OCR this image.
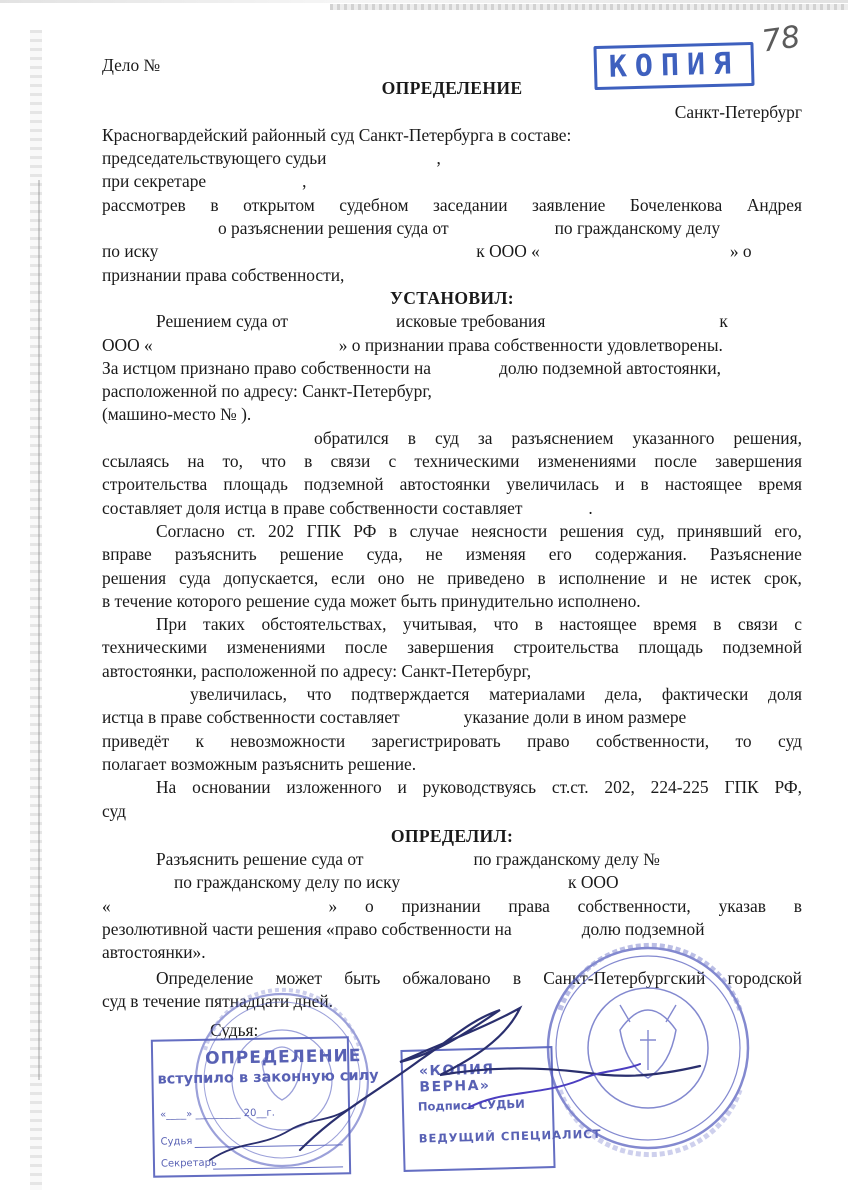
78
КОПИЯ
Дело №
ОПРЕДЕЛЕНИЕ
Санкт-Петербург
Красногвардейский районный суд Санкт-Петербурга в составе:
председательствующего судьи	,
при секретаре	,
рассмотрев в открытом судебном заседании заявление Бочеленкова Андрея
о разъяснении решения суда от	по гражданскому делу
по иску	к ООО «	» о
признании права собственности,
УСТАНОВИЛ:
Решением суда от	исковые требования	к
ООО «	» о признании права собственности удовлетворены.
За истцом признано право собственности на	долю подземной автостоянки,
расположенной по адресу: Санкт-Петербург,
(машино-место № ).
обратился в суд за разъяснением указанного решения,
ссылаясь на то, что в связи с техническими изменениями после завершения
строительства площадь подземной автостоянки увеличилась и в настоящее время
составляет доля истца в праве собственности составляет	.
Согласно ст. 202 ГПК РФ в случае неясности решения суд, принявший его,
вправе разъяснить решение суда, не изменяя его содержания. Разъяснение
решения суда допускается, если оно не приведено в исполнение и не истек срок,
в течение которого решение суда может быть принудительно исполнено.
При таких обстоятельствах, учитывая, что в настоящее время в связи с
техническими изменениями после завершения строительства площадь подземной
автостоянки, расположенной по адресу: Санкт-Петербург,
увеличилась, что подтверждается материалами дела, фактически доля
истца в праве собственности составляет	указание доли в ином размере
приведёт к невозможности зарегистрировать право собственности, то суд
полагает возможным разъяснить решение.
На основании изложенного и руководствуясь ст.ст. 202, 224-225 ГПК РФ,
суд
ОПРЕДЕЛИЛ:
Разъяснить решение суда от	по гражданскому делу №
по гражданскому делу по иску	к ООО
«	» о признании права собственности, указав в
резолютивной части решения «право собственности на	долю подземной
автостоянки».
Определение может быть обжаловано в Санкт-Петербургский городской
суд в течение пятнадцати дней.
Судья:
ОПРЕДЕЛЕНИЕ
вступило в законную силу
«____» _________ 20__г.
Судья
Секретарь
«КОПИЯ ВЕРНА»
Подпись СУДЬИ
ВЕДУЩИЙ СПЕЦИАЛИСТ
